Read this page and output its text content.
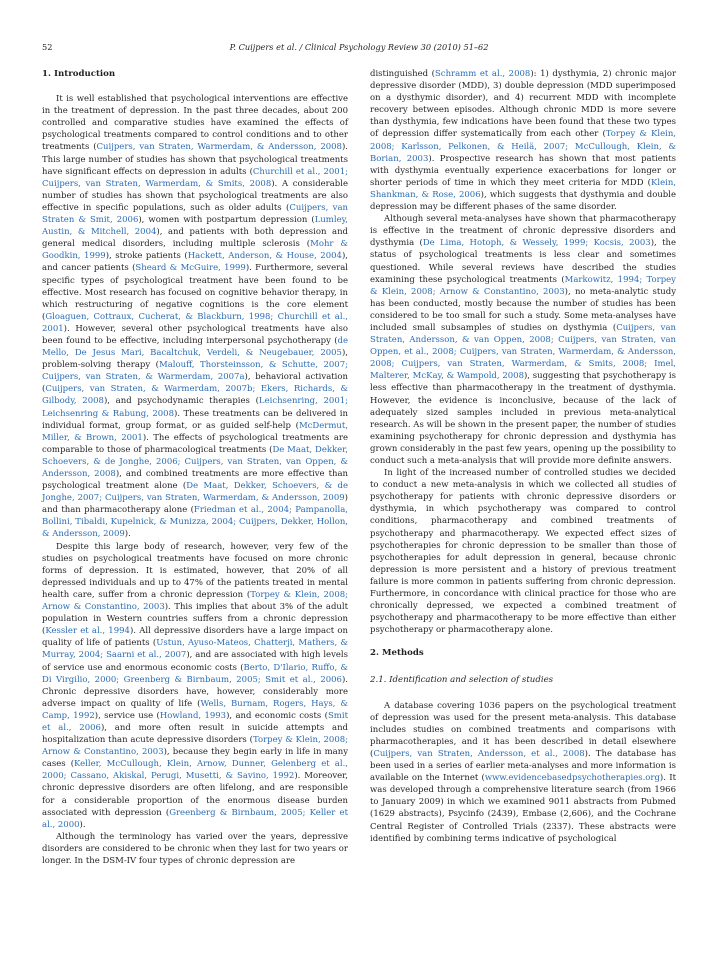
52	P. Cuijpers et al. / Clinical Psychology Review 30 (2010) 51–62
1. Introduction

It is well established that psychological interventions are effective in the treatment of depression. In the past three decades, about 200 controlled and comparative studies have examined the effects of psychological treatments compared to control conditions and to other treatments (Cuijpers, van Straten, Warmerdam, & Andersson, 2008). This large number of studies has shown that psychological treatments have significant effects on depression in adults (Churchill et al., 2001; Cuijpers, van Straten, Warmerdam, & Smits, 2008). A considerable number of studies has shown that psychological treatments are also effective in specific populations, such as older adults (Cuijpers, van Straten & Smit, 2006), women with postpartum depression (Lumley, Austin, & Mitchell, 2004), and patients with both depression and general medical disorders, including multiple sclerosis (Mohr & Goodkin, 1999), stroke patients (Hackett, Anderson, & House, 2004), and cancer patients (Sheard & McGuire, 1999). Furthermore, several specific types of psychological treatment have been found to be effective. Most research has focused on cognitive behavior therapy, in which restructuring of negative cognitions is the core element (Gloaguen, Cottraux, Cucherat, & Blackburn, 1998; Churchill et al., 2001). However, several other psychological treatments have also been found to be effective, including interpersonal psychotherapy (de Mello, De Jesus Mari, Bacaltchuk, Verdeli, & Neugebauer, 2005), problem-solving therapy (Malouff, Thorsteinsson, & Schutte, 2007; Cuijpers, van Straten, & Warmerdam, 2007a), behavioral activation (Cuijpers, van Straten, & Warmerdam, 2007b; Ekers, Richards, & Gilbody, 2008), and psychodynamic therapies (Leichsenring, 2001; Leichsenring & Rabung, 2008). These treatments can be delivered in individual format, group format, or as guided self-help (McDermut, Miller, & Brown, 2001). The effects of psychological treatments are comparable to those of pharmacological treatments (De Maat, Dekker, Schoevers, & de Jonghe, 2006; Cuijpers, van Straten, van Oppen, & Andersson, 2008), and combined treatments are more effective than psychological treatment alone (De Maat, Dekker, Schoevers, & de Jonghe, 2007; Cuijpers, van Straten, Warmerdam, & Andersson, 2009) and than pharmacotherapy alone (Friedman et al., 2004; Pampanolla, Bollini, Tibaldi, Kupelnick, & Munizza, 2004; Cuijpers, Dekker, Hollon, & Andersson, 2009).

Despite this large body of research, however, very few of the studies on psychological treatments have focused on more chronic forms of depression. It is estimated, however, that 20% of all depressed individuals and up to 47% of the patients treated in mental health care, suffer from a chronic depression (Torpey & Klein, 2008; Arnow & Constantino, 2003). This implies that about 3% of the adult population in Western countries suffers from a chronic depression (Kessler et al., 1994). All depressive disorders have a large impact on quality of life of patients (Ustun, Ayuso-Mateos, Chatterji, Mathers, & Murray, 2004; Saarni et al., 2007), and are associated with high levels of service use and enormous economic costs (Berto, D'Ilario, Ruffo, & Di Virgilio, 2000; Greenberg & Birnbaum, 2005; Smit et al., 2006). Chronic depressive disorders have, however, considerably more adverse impact on quality of life (Wells, Burnam, Rogers, Hays, & Camp, 1992), service use (Howland, 1993), and economic costs (Smit et al., 2006), and more often result in suicide attempts and hospitalization than acute depressive disorders (Torpey & Klein, 2008; Arnow & Constantino, 2003), because they begin early in life in many cases (Keller, McCullough, Klein, Arnow, Dunner, Gelenberg et al., 2000; Cassano, Akiskal, Perugi, Musetti, & Savino, 1992). Moreover, chronic depressive disorders are often lifelong, and are responsible for a considerable proportion of the enormous disease burden associated with depression (Greenberg & Birnbaum, 2005; Keller et al., 2000).

Although the terminology has varied over the years, depressive disorders are considered to be chronic when they last for two years or longer. In the DSM-IV four types of chronic depression are

distinguished (Schramm et al., 2008): 1) dysthymia, 2) chronic major depressive disorder (MDD), 3) double depression (MDD superimposed on a dysthymic disorder), and 4) recurrent MDD with incomplete recovery between episodes. Although chronic MDD is more severe than dysthymia, few indications have been found that these two types of depression differ systematically from each other (Torpey & Klein, 2008; Karlsson, Pelkonen, & Heilä, 2007; McCullough, Klein, & Borian, 2003). Prospective research has shown that most patients with dysthymia eventually experience exacerbations for longer or shorter periods of time in which they meet criteria for MDD (Klein, Shankman, & Rose, 2006), which suggests that dysthymia and double depression may be different phases of the same disorder.

Although several meta-analyses have shown that pharmacotherapy is effective in the treatment of chronic depressive disorders and dysthymia (De Lima, Hotoph, & Wessely, 1999; Kocsis, 2003), the status of psychological treatments is less clear and sometimes questioned. While several reviews have described the studies examining these psychological treatments (Markowitz, 1994; Torpey & Klein, 2008; Arnow & Constantino, 2003), no meta-analytic study has been conducted, mostly because the number of studies has been considered to be too small for such a study. Some meta-analyses have included small subsamples of studies on dysthymia (Cuijpers, van Straten, Andersson, & van Oppen, 2008; Cuijpers, van Straten, van Oppen, et al., 2008; Cuijpers, van Straten, Warmerdam, & Andersson, 2008; Cuijpers, van Straten, Warmerdam, & Smits, 2008; Imel, Malterer, McKay, & Wampold, 2008), suggesting that psychotherapy is less effective than pharmacotherapy in the treatment of dysthymia. However, the evidence is inconclusive, because of the lack of adequately sized samples included in previous meta-analytical research. As will be shown in the present paper, the number of studies examining psychotherapy for chronic depression and dysthymia has grown considerably in the past few years, opening up the possibility to conduct such a meta-analysis that will provide more definite answers.

In light of the increased number of controlled studies we decided to conduct a new meta-analysis in which we collected all studies of psychotherapy for patients with chronic depressive disorders or dysthymia, in which psychotherapy was compared to control conditions, pharmacotherapy and combined treatments of psychotherapy and pharmacotherapy. We expected effect sizes of psychotherapies for chronic depression to be smaller than those of psychotherapies for adult depression in general, because chronic depression is more persistent and a history of previous treatment failure is more common in patients suffering from chronic depression. Furthermore, in concordance with clinical practice for those who are chronically depressed, we expected a combined treatment of psychotherapy and pharmacotherapy to be more effective than either psychotherapy or pharmacotherapy alone.

2. Methods
2.1. Identification and selection of studies

A database covering 1036 papers on the psychological treatment of depression was used for the present meta-analysis. This database includes studies on combined treatments and comparisons with pharmacotherapies, and it has been described in detail elsewhere (Cuijpers, van Straten, Andersson, et al., 2008). The database has been used in a series of earlier meta-analyses and more information is available on the Internet (www.evidencebasedpsychotherapies.org). It was developed through a comprehensive literature search (from 1966 to January 2009) in which we examined 9011 abstracts from Pubmed (1629 abstracts), Psycinfo (2439), Embase (2,606), and the Cochrane Central Register of Controlled Trials (2337). These abstracts were identified by combining terms indicative of psychological
